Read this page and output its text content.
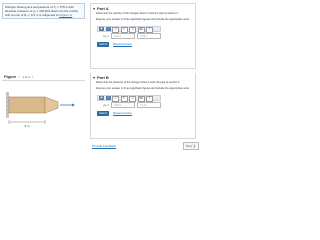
Nitrogen flowing at a temperature of T₁ = 375 K with absolute pressure of p₁ = 100 kPa flows into the nozzle with an exit of D₂ = 0.5 m is subjected to (Figure 1)
▾ Part A
Determine the velocity of the nitrogen when it exits the pipe at section 2.
Express your answer in three significant figures and include the appropriate units.
▣	√	↺	↻	⟲	⌨	?
V₂ =	Value	Units
Submit	Request Answer
▾ Part B
Determine the pressure of the nitrogen when it exits the pipe at section 2.
Express your answer in three significant figures and include the appropriate units.
▣	√	↺	↻	⟲	⌨	?
p₂ =	Value	Units
Submit	Request Answer
Figure ‹ 1 of 1 ›
3 m
Provide Feedback	Next ❯
